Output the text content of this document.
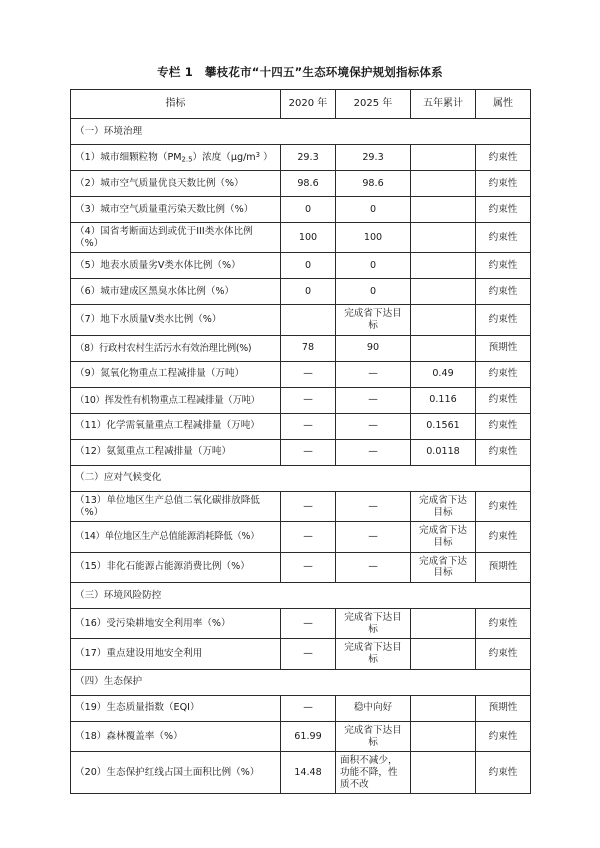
专栏 1 攀枝花市“十四五”生态环境保护规划指标体系
指标	2020 年	2025 年	五年累计	属性
（一）环境治理				
（1）城市细颗粒物$(PM_{2.5})$浓度（$\mu g/m^3$ ）	29.3	29.3		约束性
（2）城市空气质量优良天数比例（%）	98.6	98.6		约束性
（3）城市空气质量重污染天数比例（%）	0	0		约束性
（4）国省考断面达到或优于III类水体比例（%）	100	100		约束性
（5）地表水质量劣V类水体比例（%）	0	0		约束性
（6）城市建成区黑臭水体比例（%）	0	0		约束性
（7）地下水质量V类水比例（%）		完成省下达目标		约束性
（8）行政村农村生活污水有效治理比例(%)	78	90		预期性
（9）氮氧化物重点工程减排量（万吨）	—	—	0.49	约束性
（10）挥发性有机物重点工程减排量（万吨）	—	—	0.116	约束性
（11）化学需氧量重点工程减排量（万吨）	—	—	0.1561	约束性
（12）氨氮重点工程减排量（万吨）	—	—	0.0118	约束性
（二）应对气候变化				
（13）单位地区生产总值二氧化碳排放降低（%）	—	—	完成省下达目标	约束性
（14）单位地区生产总值能源消耗降低（%）	—	—	完成省下达目标	约束性
（15）非化石能源占能源消费比例（%）	—	—	完成省下达目标	预期性
（三）环境风险防控				
（16）受污染耕地安全利用率（%）	—	完成省下达目标		约束性
（17）重点建设用地安全利用	—	完成省下达目标		约束性
（四）生态保护				
（19）生态质量指数（EQI）	—	稳中向好		预期性
（18）森林覆盖率（%）	61.99	完成省下达目标		约束性
（20）生态保护红线占国土面积比例（%）	14.48	面积不减少，功能不降，性质不改		约束性
